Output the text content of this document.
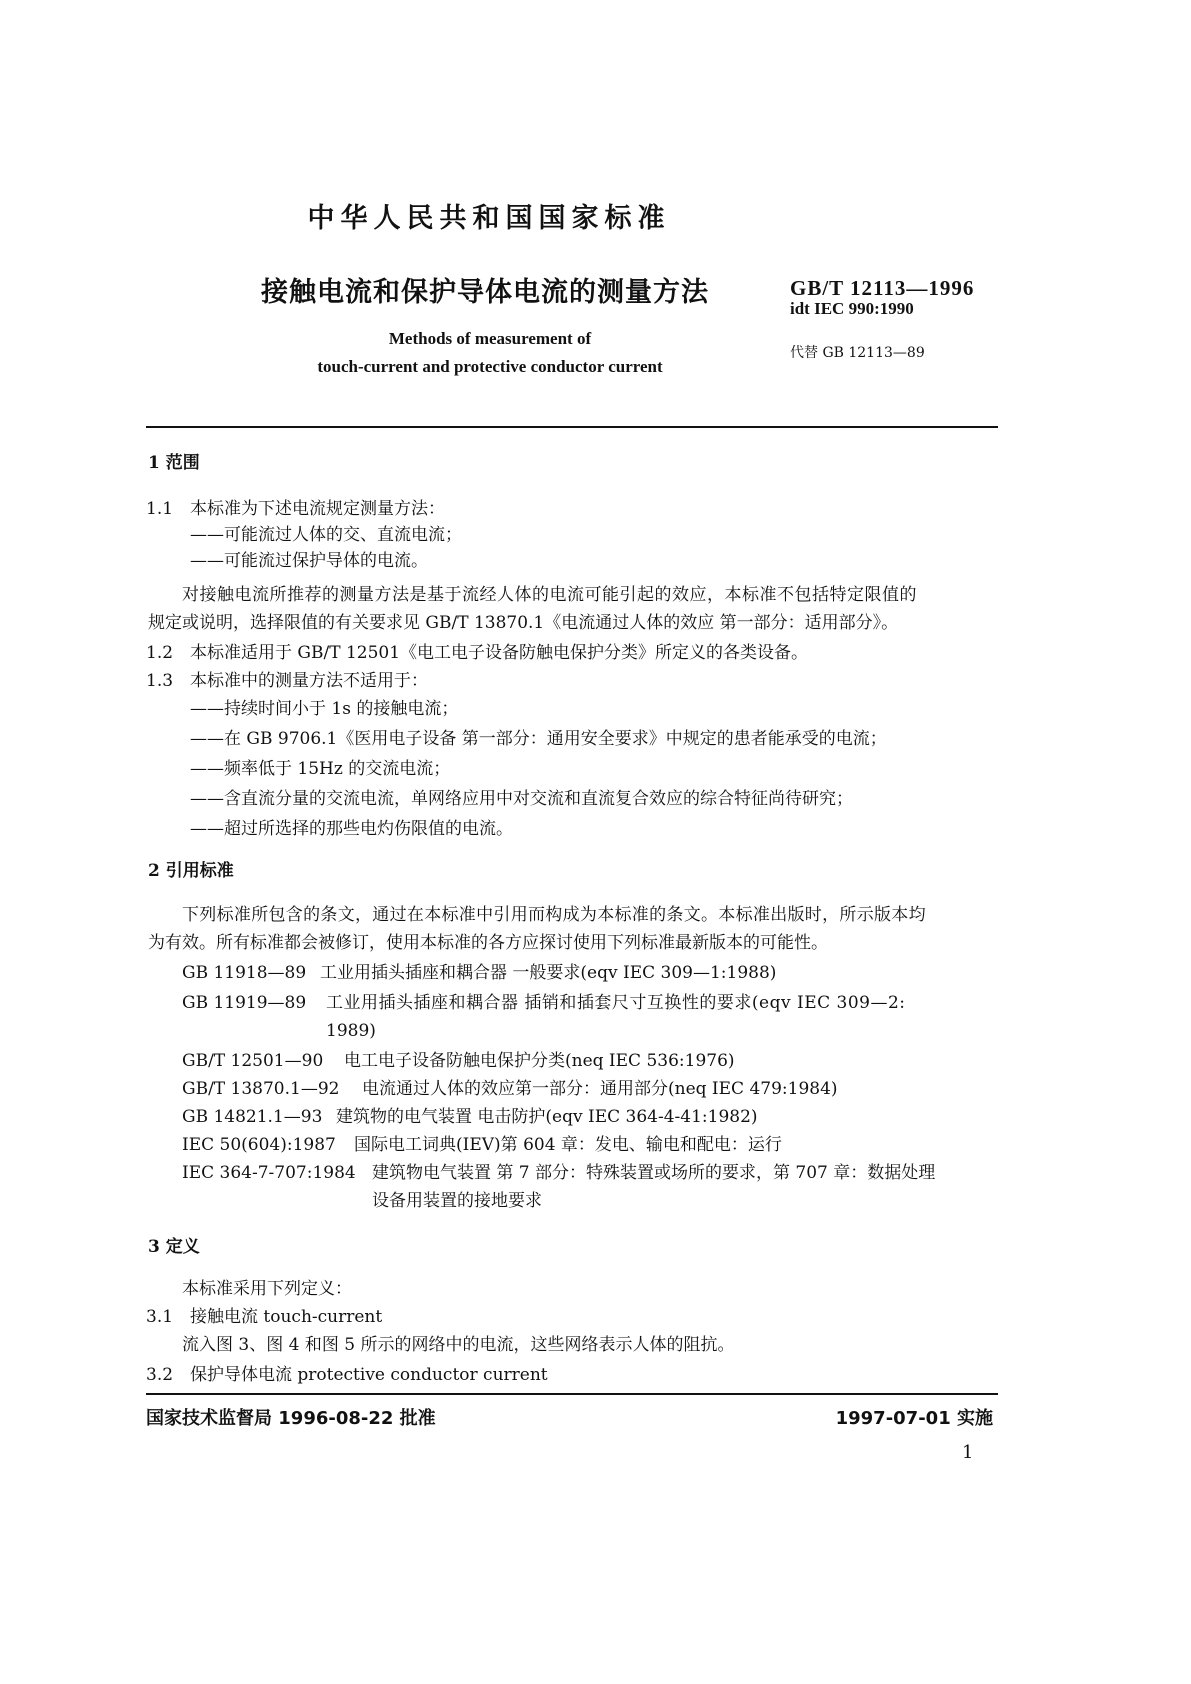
中华人民共和国国家标准
接触电流和保护导体电流的测量方法	GB/T 12113—1996
idt IEC 990:1990
Methods of measurement of
touch-current and protective conductor current
代替 GB 12113—89
1 范围
1.1 本标准为下述电流规定测量方法：
——可能流过人体的交、直流电流；
——可能流过保护导体的电流。
对接触电流所推荐的测量方法是基于流经人体的电流可能引起的效应，本标准不包括特定限值的
规定或说明，选择限值的有关要求见 GB/T 13870.1《电流通过人体的效应 第一部分：适用部分》。
1.2 本标准适用于 GB/T 12501《电工电子设备防触电保护分类》所定义的各类设备。
1.3 本标准中的测量方法不适用于：
——持续时间小于 1s 的接触电流；
——在 GB 9706.1《医用电子设备 第一部分：通用安全要求》中规定的患者能承受的电流；
——频率低于 15Hz 的交流电流；
——含直流分量的交流电流，单网络应用中对交流和直流复合效应的综合特征尚待研究；
——超过所选择的那些电灼伤限值的电流。
2 引用标准
下列标准所包含的条文，通过在本标准中引用而构成为本标准的条文。本标准出版时，所示版本均
为有效。所有标准都会被修订，使用本标准的各方应探讨使用下列标准最新版本的可能性。
GB 11918—89 工业用插头插座和耦合器 一般要求(eqv IEC 309—1:1988)
GB 11919—89 工业用插头插座和耦合器 插销和插套尺寸互换性的要求(eqv IEC 309—2:
1989)
GB/T 12501—90 电工电子设备防触电保护分类(neq IEC 536:1976)
GB/T 13870.1—92 电流通过人体的效应第一部分：通用部分(neq IEC 479:1984)
GB 14821.1—93 建筑物的电气装置 电击防护(eqv IEC 364-4-41:1982)
IEC 50(604):1987 国际电工词典(IEV)第 604 章：发电、输电和配电：运行
IEC 364-7-707:1984 建筑物电气装置 第 7 部分：特殊装置或场所的要求，第 707 章：数据处理
设备用装置的接地要求
3 定义
本标准采用下列定义：
3.1 接触电流 touch-current
流入图 3、图 4 和图 5 所示的网络中的电流，这些网络表示人体的阻抗。
3.2 保护导体电流 protective conductor current
国家技术监督局 1996-08-22 批准	1997-07-01 实施
1
